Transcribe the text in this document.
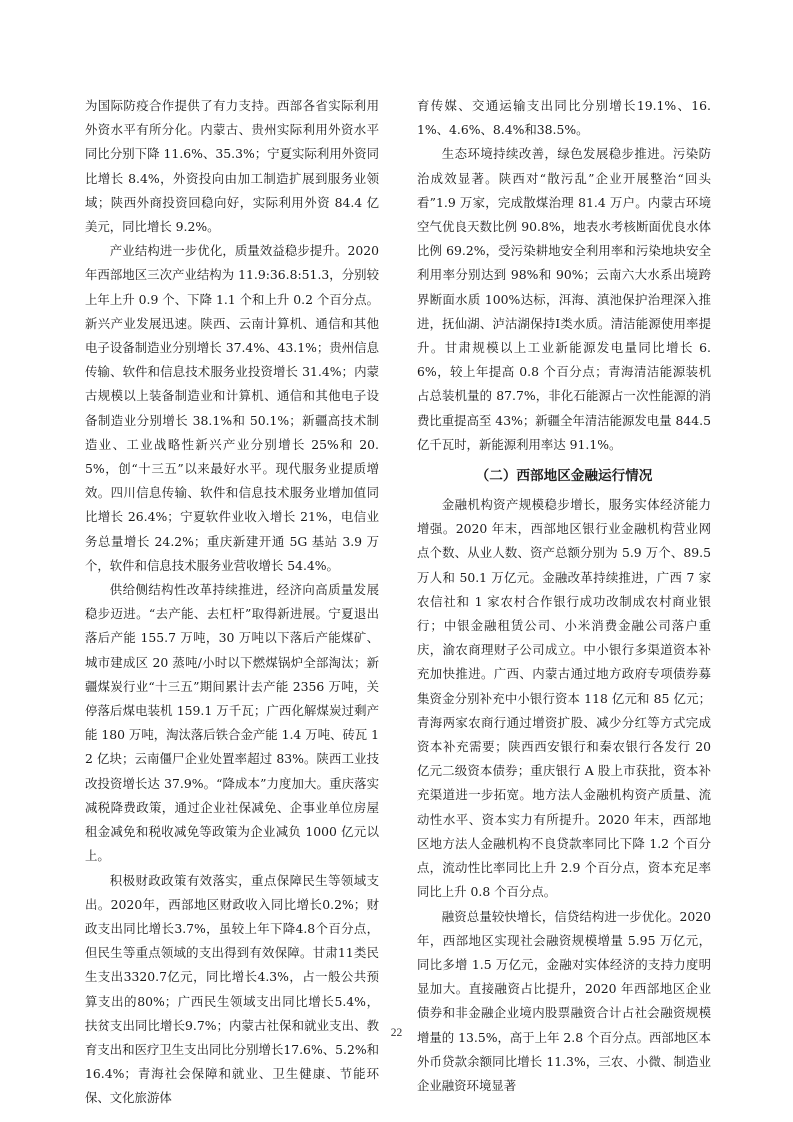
为国际防疫合作提供了有力支持。西部各省实际利用外资水平有所分化。内蒙古、贵州实际利用外资水平同比分别下降 11.6%、35.3%；宁夏实际利用外资同比增长 8.4%，外资投向由加工制造扩展到服务业领域；陕西外商投资回稳向好，实际利用外资 84.4 亿美元，同比增长 9.2%。

产业结构进一步优化，质量效益稳步提升。2020 年西部地区三次产业结构为 11.9:36.8:51.3，分别较上年上升 0.9 个、下降 1.1 个和上升 0.2 个百分点。新兴产业发展迅速。陕西、云南计算机、通信和其他电子设备制造业分别增长 37.4%、43.1%；贵州信息传输、软件和信息技术服务业投资增长 31.4%；内蒙古规模以上装备制造业和计算机、通信和其他电子设备制造业分别增长 38.1%和 50.1%；新疆高技术制造业、工业战略性新兴产业分别增长 25%和 20.5%，创“十三五”以来最好水平。现代服务业提质增效。四川信息传输、软件和信息技术服务业增加值同比增长 26.4%；宁夏软件业收入增长 21%，电信业务总量增长 24.2%；重庆新建开通 5G 基站 3.9 万个，软件和信息技术服务业营收增长 54.4%。

供给侧结构性改革持续推进，经济向高质量发展稳步迈进。“去产能、去杠杆”取得新进展。宁夏退出落后产能 155.7 万吨，30 万吨以下落后产能煤矿、城市建成区 20 蒸吨/小时以下燃煤锅炉全部淘汰；新疆煤炭行业“十三五”期间累计去产能 2356 万吨，关停落后煤电装机 159.1 万千瓦；广西化解煤炭过剩产能 180 万吨，淘汰落后铁合金产能 1.4 万吨、砖瓦 12 亿块；云南僵尸企业处置率超过 83%。陕西工业技改投资增长达 37.9%。“降成本”力度加大。重庆落实减税降费政策，通过企业社保减免、企事业单位房屋租金减免和税收减免等政策为企业减负 1000 亿元以上。

积极财政政策有效落实，重点保障民生等领域支出。2020年，西部地区财政收入同比增长0.2%；财政支出同比增长3.7%，虽较上年下降4.8个百分点，但民生等重点领域的支出得到有效保障。甘肃11类民生支出3320.7亿元，同比增长4.3%，占一般公共预算支出的80%；广西民生领域支出同比增长5.4%，扶贫支出同比增长9.7%；内蒙古社保和就业支出、教育支出和医疗卫生支出同比分别增长17.6%、5.2%和16.4%；青海社会保障和就业、卫生健康、节能环保、文化旅游体

育传媒、交通运输支出同比分别增长19.1%、16.1%、4.6%、8.4%和38.5%。

生态环境持续改善，绿色发展稳步推进。污染防治成效显著。陕西对“散污乱”企业开展整治“回头看”1.9 万家，完成散煤治理 81.4 万户。内蒙古环境空气优良天数比例 90.8%，地表水考核断面优良水体比例 69.2%，受污染耕地安全利用率和污染地块安全利用率分别达到 98%和 90%；云南六大水系出境跨界断面水质 100%达标，洱海、滇池保护治理深入推进，抚仙湖、泸沽湖保持Ⅰ类水质。清洁能源使用率提升。甘肃规模以上工业新能源发电量同比增长 6.6%，较上年提高 0.8 个百分点；青海清洁能源装机占总装机量的 87.7%，非化石能源占一次性能源的消费比重提高至 43%；新疆全年清洁能源发电量 844.5 亿千瓦时，新能源利用率达 91.1%。

（二）西部地区金融运行情况

金融机构资产规模稳步增长，服务实体经济能力增强。2020 年末，西部地区银行业金融机构营业网点个数、从业人数、资产总额分别为 5.9 万个、89.5 万人和 50.1 万亿元。金融改革持续推进，广西 7 家农信社和 1 家农村合作银行成功改制成农村商业银行；中银金融租赁公司、小米消费金融公司落户重庆，渝农商理财子公司成立。中小银行多渠道资本补充加快推进。广西、内蒙古通过地方政府专项债券募集资金分别补充中小银行资本 118 亿元和 85 亿元；青海两家农商行通过增资扩股、减少分红等方式完成资本补充需要；陕西西安银行和秦农银行各发行 20 亿元二级资本债券；重庆银行 A 股上市获批，资本补充渠道进一步拓宽。地方法人金融机构资产质量、流动性水平、资本实力有所提升。2020 年末，西部地区地方法人金融机构不良贷款率同比下降 1.2 个百分点，流动性比率同比上升 2.9 个百分点，资本充足率同比上升 0.8 个百分点。

融资总量较快增长，信贷结构进一步优化。2020 年，西部地区实现社会融资规模增量 5.95 万亿元，同比多增 1.5 万亿元，金融对实体经济的支持力度明显加大。直接融资占比提升，2020 年西部地区企业债券和非金融企业境内股票融资合计占社会融资规模增量的 13.5%，高于上年 2.8 个百分点。西部地区本外币贷款余额同比增长 11.3%，三农、小微、制造业企业融资环境显著

22
